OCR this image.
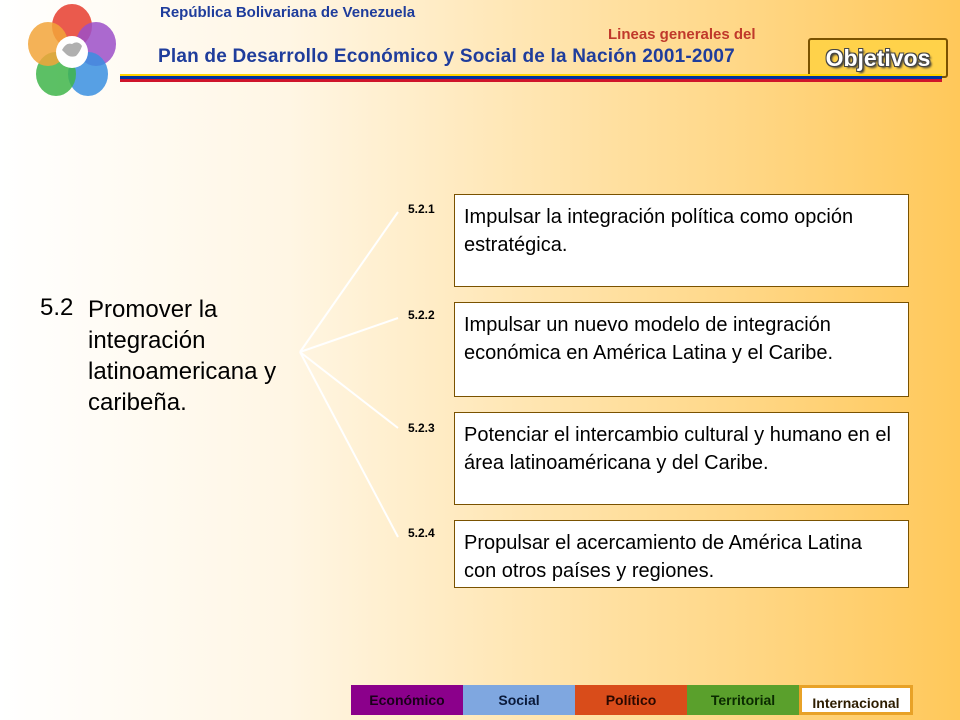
República Bolivariana de Venezuela
Lineas generales del
Plan de Desarrollo Económico y Social de la Nación 2001-2007	Objetivos
5.2 Promover la integración latinoamericana y caribeña.
5.2.1	Impulsar la integración política como opción estratégica.
5.2.2	Impulsar un nuevo modelo de integración económica en América Latina y el Caribe.
5.2.3	Potenciar el intercambio cultural y humano en el área latinoaméricana y del Caribe.
5.2.4	Propulsar el acercamiento de América Latina con otros países y regiones.
Económico	Social	Político	Territorial	Internacional
